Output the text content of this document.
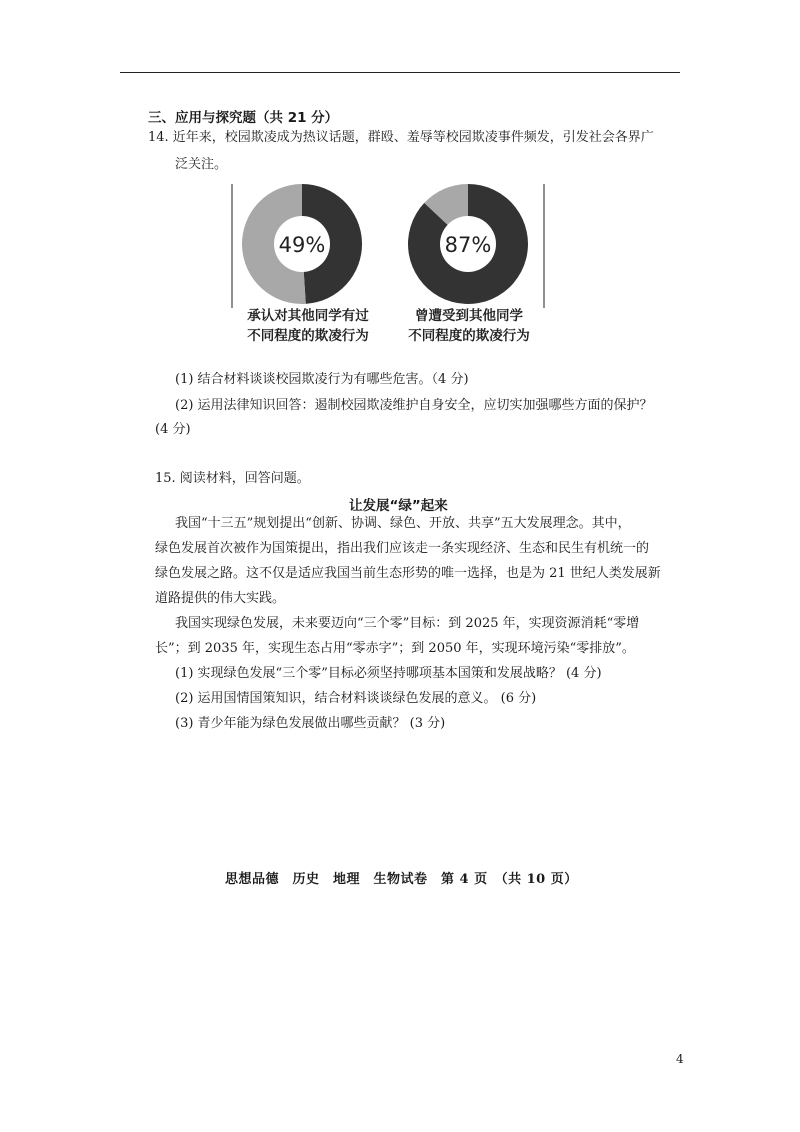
三、应用与探究题（共 21 分）
14. 近年来，校园欺凌成为热议话题，群殴、羞辱等校园欺凌事件频发，引发社会各界广
泛关注。
49%	87%
承认对其他同学有过
不同程度的欺凌行为
曾遭受到其他同学
不同程度的欺凌行为
(1) 结合材料谈谈校园欺凌行为有哪些危害。（4 分)
(2) 运用法律知识回答：遏制校园欺凌维护自身安全，应切实加强哪些方面的保护？
(4 分)
15. 阅读材料，回答问题。
让发展“绿”起来
我国“十三五”规划提出“创新、协调、绿色、开放、共享”五大发展理念。其中，
绿色发展首次被作为国策提出，指出我们应该走一条实现经济、生态和民生有机统一的
绿色发展之路。这不仅是适应我国当前生态形势的唯一选择，也是为 21 世纪人类发展新
道路提供的伟大实践。
我国实现绿色发展，未来要迈向“三个零”目标：到 2025 年，实现资源消耗“零增
长”；到 2035 年，实现生态占用“零赤字”；到 2050 年，实现环境污染“零排放”。
(1) 实现绿色发展“三个零”目标必须坚持哪项基本国策和发展战略？ (4 分)
(2) 运用国情国策知识，结合材料谈谈绿色发展的意义。 (6 分)
(3) 青少年能为绿色发展做出哪些贡献？ (3 分)
思想品德　历史　地理　生物试卷　第 4 页　（共 10 页）
4
